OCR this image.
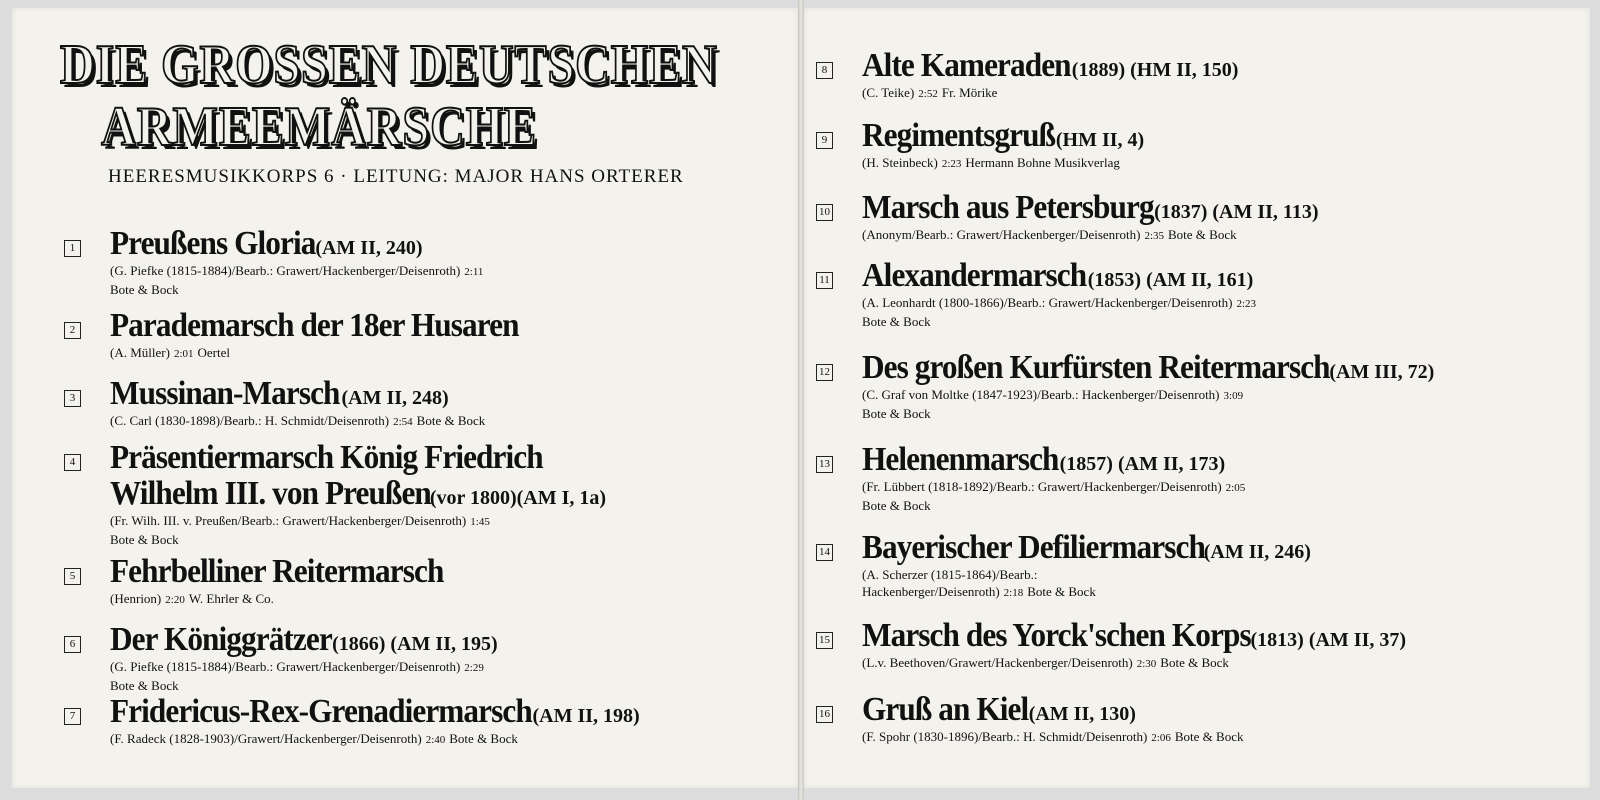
DIE GROSSEN DEUTSCHEN
ARMEEMÄRSCHE
HEERESMUSIKKORPS 6 · LEITUNG: MAJOR HANS ORTERER
1 Preußens Gloria(AM II, 240)
(G. Piefke (1815-1884)/Bearb.: Grawert/Hackenberger/Deisenroth) 2:11
Bote & Bock
2 Parademarsch der 18er Husaren
(A. Müller) 2:01 Oertel
3 Mussinan-Marsch(AM II, 248)
(C. Carl (1830-1898)/Bearb.: H. Schmidt/Deisenroth) 2:54 Bote & Bock
4 Präsentiermarsch König Friedrich
Wilhelm III. von Preußen(vor 1800)(AM I, 1a)
(Fr. Wilh. III. v. Preußen/Bearb.: Grawert/Hackenberger/Deisenroth) 1:45
Bote & Bock
5 Fehrbelliner Reitermarsch
(Henrion) 2:20 W. Ehrler & Co.
6 Der Königgrätzer(1866) (AM II, 195)
(G. Piefke (1815-1884)/Bearb.: Grawert/Hackenberger/Deisenroth) 2:29
Bote & Bock
7 Fridericus-Rex-Grenadiermarsch(AM II, 198)
(F. Radeck (1828-1903)/Grawert/Hackenberger/Deisenroth) 2:40 Bote & Bock
8 Alte Kameraden(1889) (HM II, 150)
(C. Teike) 2:52 Fr. Mörike
9 Regimentsgruß(HM II, 4)
(H. Steinbeck) 2:23 Hermann Bohne Musikverlag
10 Marsch aus Petersburg(1837) (AM II, 113)
(Anonym/Bearb.: Grawert/Hackenberger/Deisenroth) 2:35 Bote & Bock
11 Alexandermarsch(1853) (AM II, 161)
(A. Leonhardt (1800-1866)/Bearb.: Grawert/Hackenberger/Deisenroth) 2:23
Bote & Bock
12 Des großen Kurfürsten Reitermarsch(AM III, 72)
(C. Graf von Moltke (1847-1923)/Bearb.: Hackenberger/Deisenroth) 3:09
Bote & Bock
13 Helenenmarsch(1857) (AM II, 173)
(Fr. Lübbert (1818-1892)/Bearb.: Grawert/Hackenberger/Deisenroth) 2:05
Bote & Bock
14 Bayerischer Defiliermarsch(AM II, 246)
(A. Scherzer (1815-1864)/Bearb.:
Hackenberger/Deisenroth) 2:18 Bote & Bock
15 Marsch des Yorck'schen Korps(1813) (AM II, 37)
(L.v. Beethoven/Grawert/Hackenberger/Deisenroth) 2:30 Bote & Bock
16 Gruß an Kiel(AM II, 130)
(F. Spohr (1830-1896)/Bearb.: H. Schmidt/Deisenroth) 2:06 Bote & Bock
